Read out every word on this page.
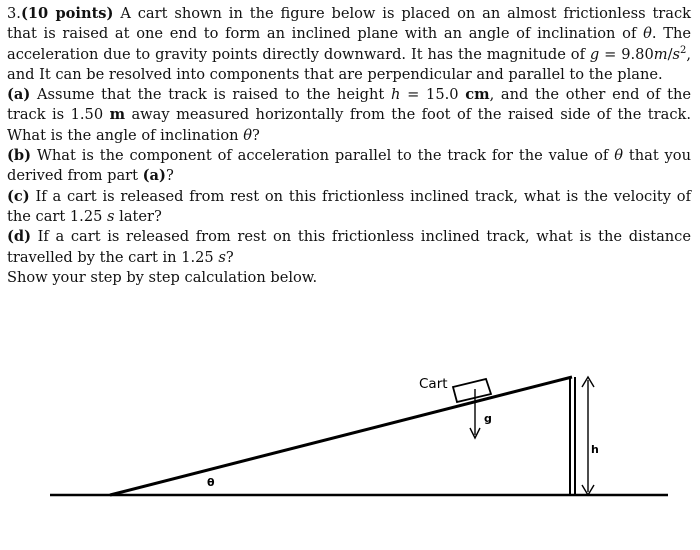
3.(10 points) A cart shown in the figure below is placed on an almost frictionless track that is raised at one end to form an inclined plane with an angle of inclination of θ. The acceleration due to gravity points directly downward. It has the magnitude of $g = 9.80m/s^2$, and It can be resolved into components that are perpendicular and parallel to the plane.

(a) Assume that the track is raised to the height h = 15.0 cm, and the other end of the track is 1.50 m away measured horizontally from the foot of the raised side of the track. What is the angle of inclination θ?

(b) What is the component of acceleration parallel to the track for the value of θ that you derived from part (a)?

(c) If a cart is released from rest on this frictionless inclined track, what is the velocity of the cart 1.25 s later?

(d) If a cart is released from rest on this frictionless inclined track, what is the distance travelled by the cart in 1.25 s?

Show your step by step calculation below.

h
Cart
g
θ
